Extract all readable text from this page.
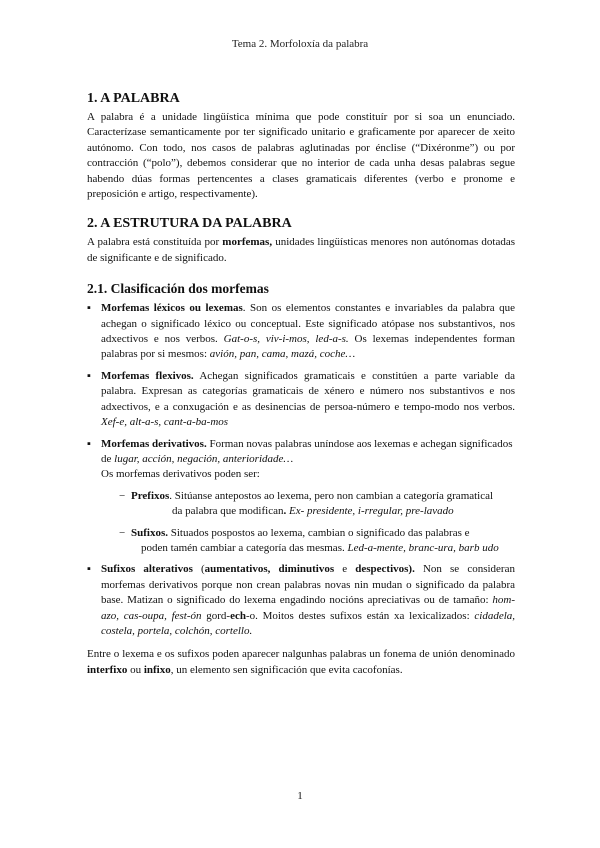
Tema 2. Morfoloxía da palabra
1. A PALABRA

A palabra é a unidade lingüística mínima que pode constituír por si soa un enunciado. Caracterízase semanticamente por ter significado unitario e graficamente por aparecer de xeito autónomo. Con todo, nos casos de palabras aglutinadas por énclise (“Dixéronme”) ou por contracción (“polo”), debemos considerar que no interior de cada unha desas palabras segue habendo dúas formas pertencentes a clases gramaticais diferentes (verbo e pronome e preposición e artigo, respectivamente).

2. A ESTRUTURA DA PALABRA

A palabra está constituída por morfemas, unidades lingüísticas menores non autónomas dotadas de significante e de significado.

2.1. Clasificación dos morfemas
▪ Morfemas léxicos ou lexemas. Son os elementos constantes e invariables da palabra que achegan o significado léxico ou conceptual. Este significado atópase nos substantivos, nos adxectivos e nos verbos. Gat-o-s, viv-i-mos, led-a-s. Os lexemas independentes forman palabras por si mesmos: avión, pan, cama, mazá, coche…
▪ Morfemas flexivos. Achegan significados gramaticais e constitúen a parte variable da palabra. Expresan as categorías gramaticais de xénero e número nos substantivos e nos adxectivos, e a conxugación e as desinencias de persoa-número e tempo-modo nos verbos. Xef-e, alt-a-s, cant-a-ba-mos
▪ Morfemas derivativos. Forman novas palabras uníndose aos lexemas e achegan significados de lugar, acción, negación, anterioridade…
Os morfemas derivativos poden ser:
− Prefixos. Sitúanse antepostos ao lexema, pero non cambian a categoría gramatical
da palabra que modifican. Ex- presidente, i-rregular, pre-lavado
− Sufixos. Situados pospostos ao lexema, cambian o significado das palabras e
poden tamén cambiar a categoría das mesmas. Led-a-mente, branc-ura, barb udo
▪ Sufixos alterativos (aumentativos, diminutivos e despectivos). Non se consideran morfemas derivativos porque non crean palabras novas nin mudan o significado da palabra base. Matizan o significado do lexema engadindo nocións apreciativas ou de tamaño: hom-azo, cas-oupa, fest-ón gord-ech-o. Moitos destes sufixos están xa lexicalizados: cidadela, costela, portela, colchón, cortello.

Entre o lexema e os sufixos poden aparecer nalgunhas palabras un fonema de unión denominado interfixo ou infixo, un elemento sen significación que evita cacofonías.

1
